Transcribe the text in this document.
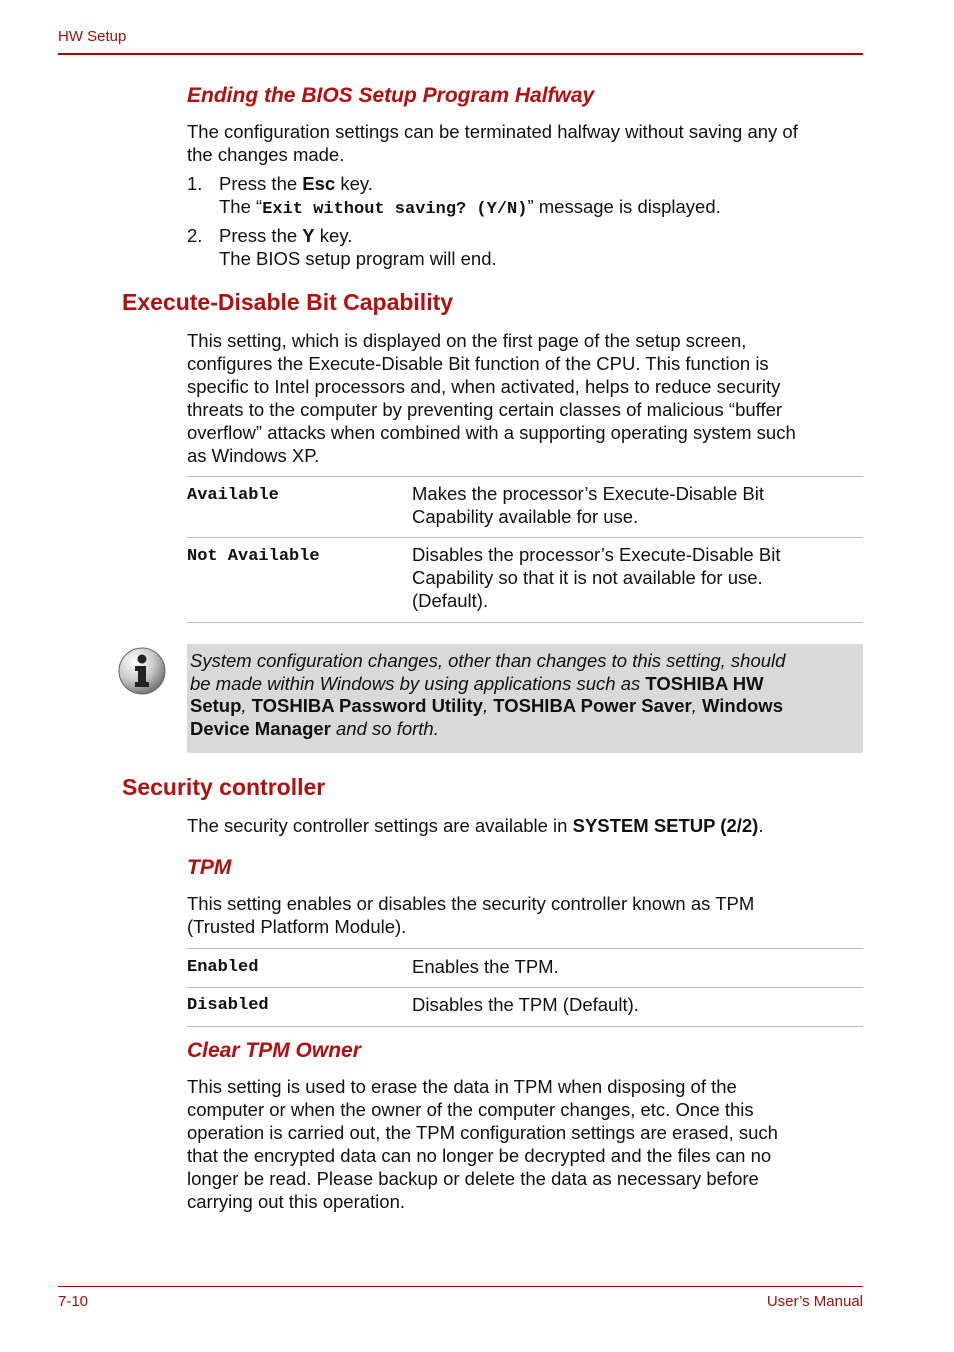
HW Setup
Ending the BIOS Setup Program Halfway
The configuration settings can be terminated halfway without saving any of
the changes made.
1. Press the Esc key.
The “Exit without saving? (Y/N)” message is displayed.
2. Press the Y key.
The BIOS setup program will end.
Execute-Disable Bit Capability
This setting, which is displayed on the first page of the setup screen,
configures the Execute-Disable Bit function of the CPU. This function is
specific to Intel processors and, when activated, helps to reduce security
threats to the computer by preventing certain classes of malicious “buffer
overflow” attacks when combined with a supporting operating system such
as Windows XP.
Available	Makes the processor’s Execute-Disable Bit
Capability available for use.
Not Available	Disables the processor’s Execute-Disable Bit
Capability so that it is not available for use.
(Default).
System configuration changes, other than changes to this setting, should
be made within Windows by using applications such as TOSHIBA HW
Setup, TOSHIBA Password Utility, TOSHIBA Power Saver, Windows
Device Manager and so forth.
Security controller
The security controller settings are available in SYSTEM SETUP (2/2).
TPM
This setting enables or disables the security controller known as TPM
(Trusted Platform Module).
Enabled	Enables the TPM.
Disabled	Disables the TPM (Default).
Clear TPM Owner
This setting is used to erase the data in TPM when disposing of the
computer or when the owner of the computer changes, etc. Once this
operation is carried out, the TPM configuration settings are erased, such
that the encrypted data can no longer be decrypted and the files can no
longer be read. Please backup or delete the data as necessary before
carrying out this operation.
7-10	User’s Manual
